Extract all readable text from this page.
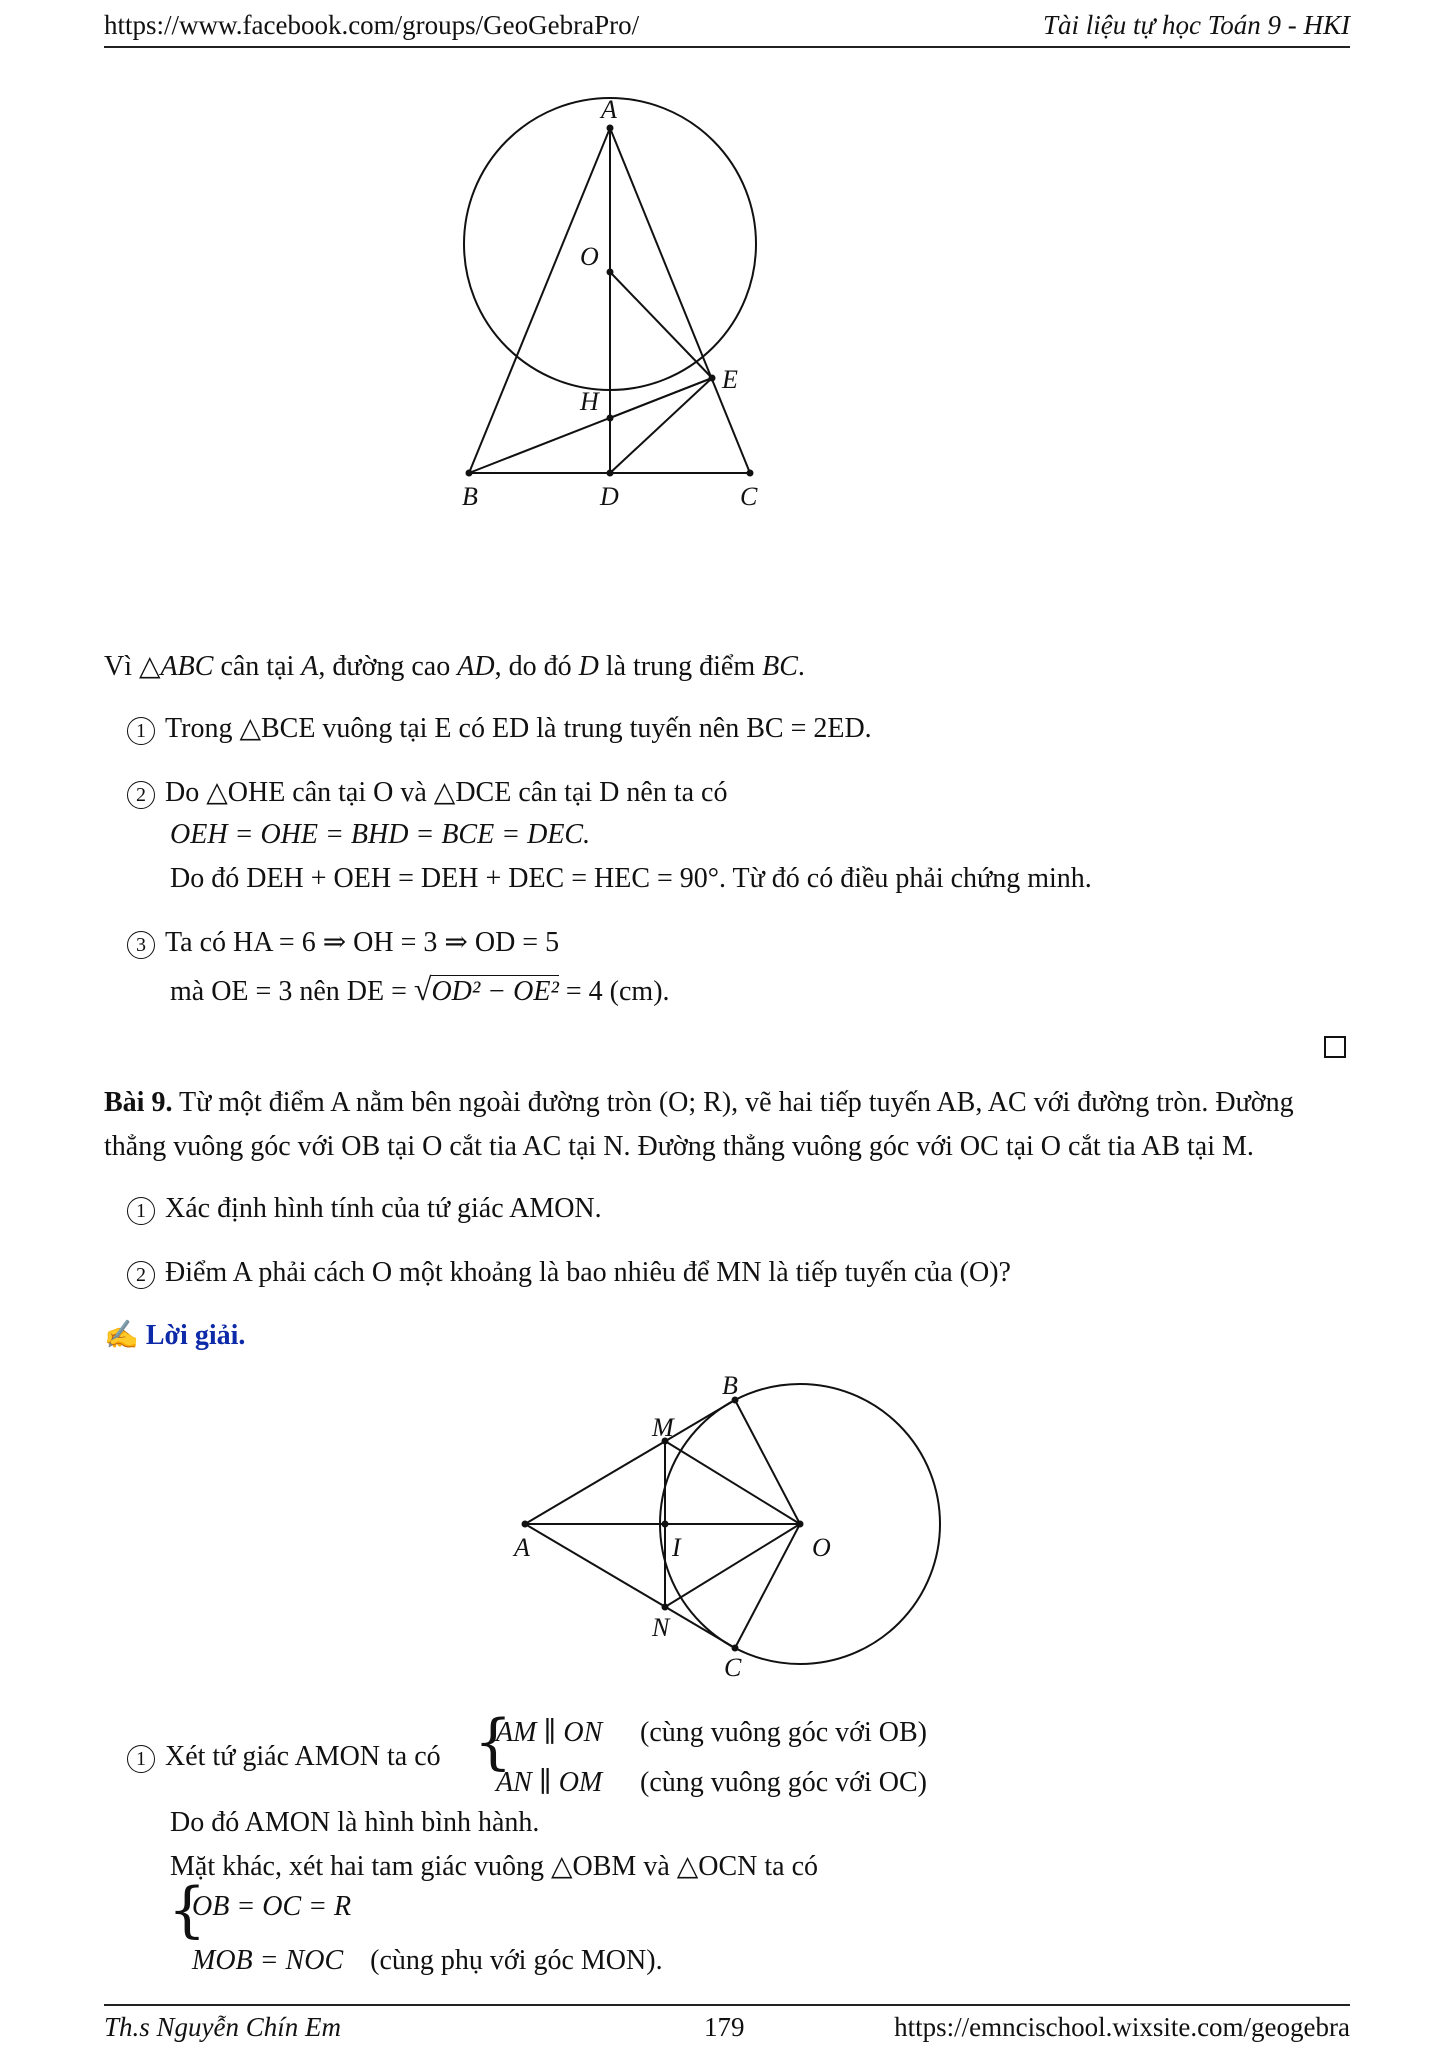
https://www.facebook.com/groups/GeoGebraPro/	Tài liệu tự học Toán 9 - HKI
A
O
E
H
B	D	C
Vì △ABC cân tại A, đường cao AD, do đó D là trung điểm BC.
1 Trong △BCE vuông tại E có ED là trung tuyến nên BC = 2ED.
2 Do △OHE cân tại O và △DCE cân tại D nên ta có
OEH = OHE = BHD = BCE = DEC.
Do đó DEH + OEH = DEH + DEC = HEC = 90°. Từ đó có điều phải chứng minh.
3 Ta có HA = 6 ⇒ OH = 3 ⇒ OD = 5
mà OE = 3 nên DE = √OD² − OE² = 4 (cm).
Bài 9. Từ một điểm A nằm bên ngoài đường tròn (O; R), vẽ hai tiếp tuyến AB, AC với đường tròn. Đường
thẳng vuông góc với OB tại O cắt tia AC tại N. Đường thẳng vuông góc với OC tại O cắt tia AB tại M.
1 Xác định hình tính của tứ giác AMON.
2 Điểm A phải cách O một khoảng là bao nhiêu để MN là tiếp tuyến của (O)?
✍ Lời giải.
B
M
A	I	O
N
C
1 Xét tứ giác AMON ta có {
AM ∥ ON (cùng vuông góc với OB)
AN ∥ OM (cùng vuông góc với OC)
Do đó AMON là hình bình hành.
Mặt khác, xét hai tam giác vuông △OBM và △OCN ta có
{
OB = OC = R
MOB = NOC (cùng phụ với góc MON).
Th.s Nguyễn Chín Em	179	https://emncischool.wixsite.com/geogebra
